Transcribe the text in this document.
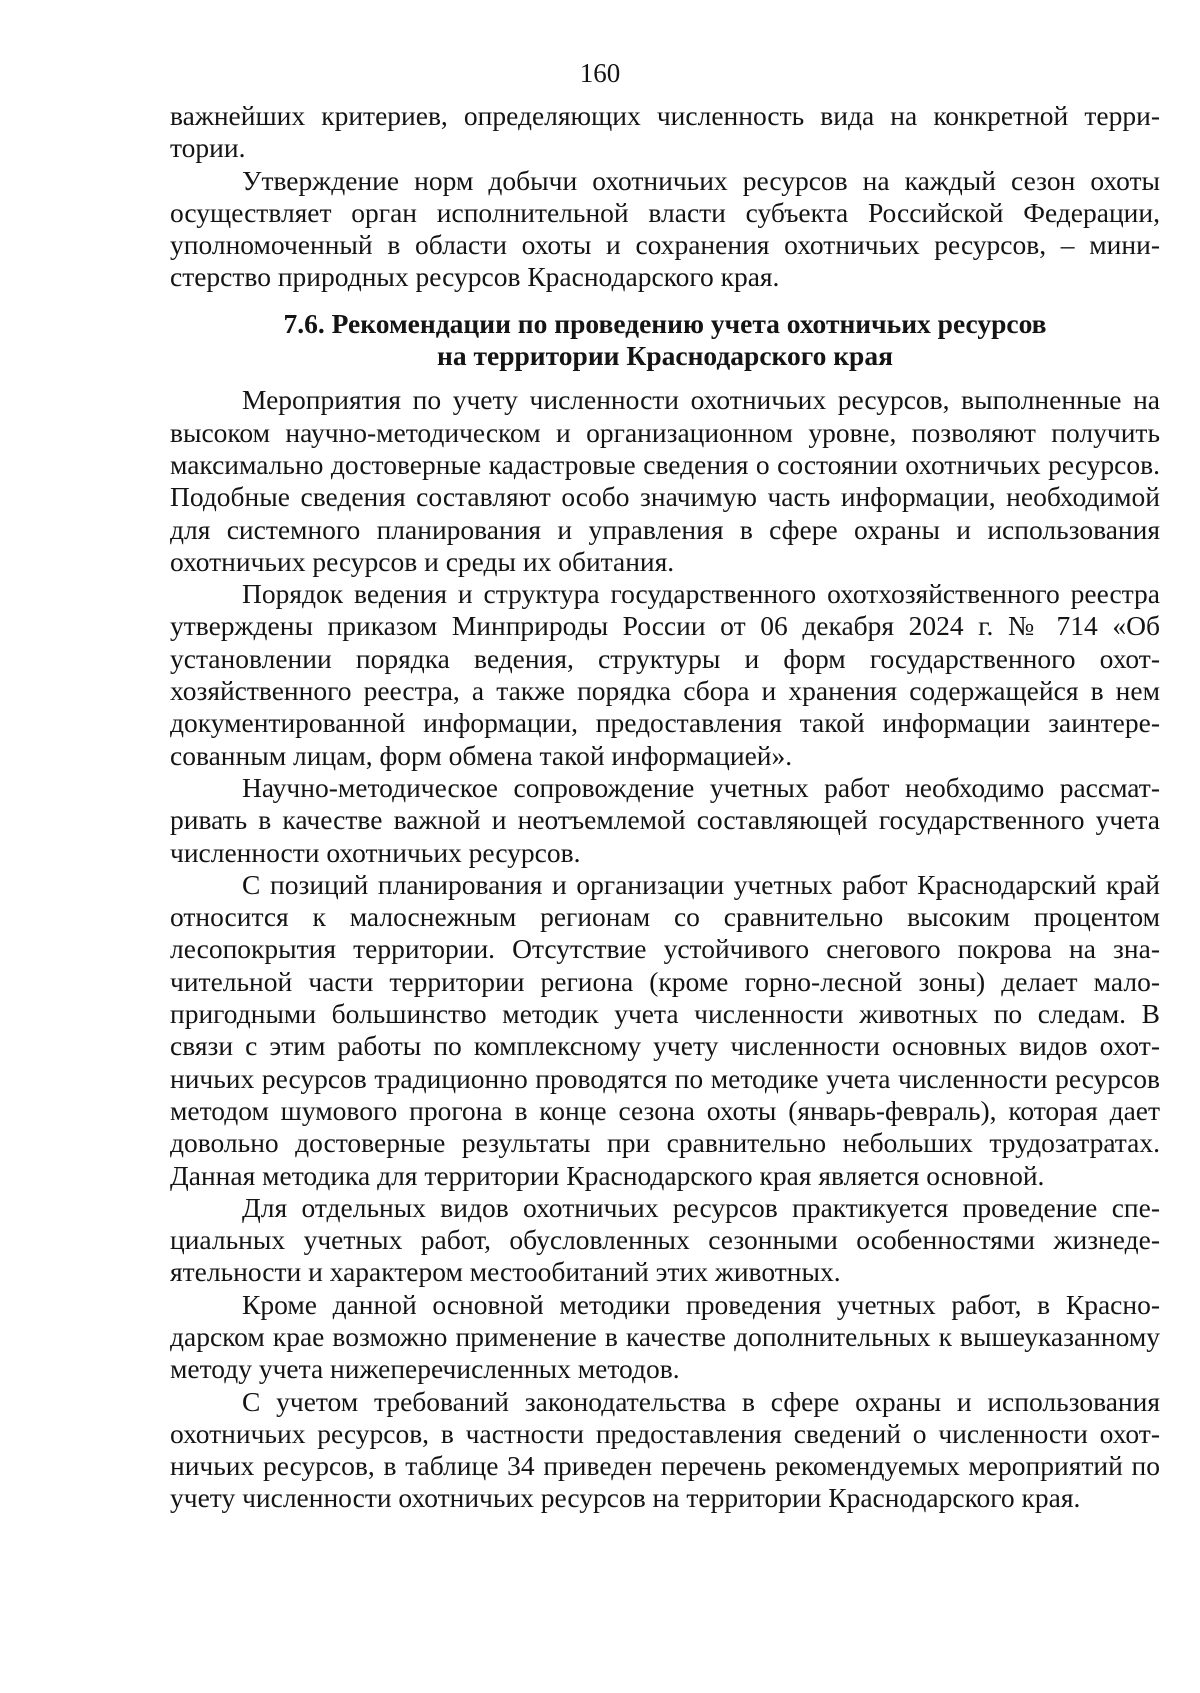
160

важнейших критериев, определяющих численность вида на конкретной территории.

Утверждение норм добычи охотничьих ресурсов на каждый сезон охоты осуществляет орган исполнительной власти субъекта Российской Федерации, уполномоченный в области охоты и сохранения охотничьих ресурсов, – министерство природных ресурсов Краснодарского края.

7.6. Рекомендации по проведению учета охотничьих ресурсов
на территории Краснодарского края

Мероприятия по учету численности охотничьих ресурсов, выполненные на высоком научно-методическом и организационном уровне, позволяют получить максимально достоверные кадастровые сведения о состоянии охотничьих ресурсов. Подобные сведения составляют особо значимую часть информации, необходимой для системного планирования и управления в сфере охраны и использования охотничьих ресурсов и среды их обитания.

Порядок ведения и структура государственного охотхозяйственного реестра утверждены приказом Минприроды России от 06 декабря 2024 г. № 714 «Об установлении порядка ведения, структуры и форм государственного охотхозяйственного реестра, а также порядка сбора и хранения содержащейся в нем документированной информации, предоставления такой информации заинтересованным лицам, форм обмена такой информацией».

Научно-методическое сопровождение учетных работ необходимо рассматривать в качестве важной и неотъемлемой составляющей государственного учета численности охотничьих ресурсов.

С позиций планирования и организации учетных работ Краснодарский край относится к малоснежным регионам со сравнительно высоким процентом лесопокрытия территории. Отсутствие устойчивого снегового покрова на значительной части территории региона (кроме горно-лесной зоны) делает малопригодными большинство методик учета численности животных по следам. В связи с этим работы по комплексному учету численности основных видов охотничьих ресурсов традиционно проводятся по методике учета численности ресурсов методом шумового прогона в конце сезона охоты (январь-февраль), которая дает довольно достоверные результаты при сравнительно небольших трудозатратах. Данная методика для территории Краснодарского края является основной.

Для отдельных видов охотничьих ресурсов практикуется проведение специальных учетных работ, обусловленных сезонными особенностями жизнедеятельности и характером местообитаний этих животных.

Кроме данной основной методики проведения учетных работ, в Краснодарском крае возможно применение в качестве дополнительных к вышеуказанному методу учета нижеперечисленных методов.

С учетом требований законодательства в сфере охраны и использования охотничьих ресурсов, в частности предоставления сведений о численности охотничьих ресурсов, в таблице 34 приведен перечень рекомендуемых мероприятий по учету численности охотничьих ресурсов на территории Краснодарского края.
